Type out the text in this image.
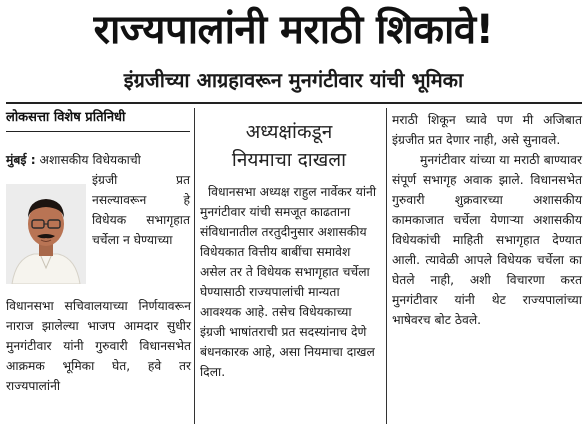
राज्यपालांनी मराठी शिकावे!
इंग्रजीच्या आग्रहावरून मुनगंटीवार यांची भूमिका
लोकसत्ता विशेष प्रतिनिधी
मुंबई : अशासकीय विधेयकाची
इंग्रजी प्रत नसल्यावरून हे विधेयक सभागृहात चर्चेला न घेण्याच्या
विधानसभा सचिवालयाच्या निर्णयावरून नाराज झालेल्या भाजप आमदार सुधीर मुनगंटीवार यांनी गुरुवारी विधानसभेत आक्रमक भूमिका घेत, हवे तर राज्यपालांनी
अध्यक्षांकडून
नियमाचा दाखला
विधानसभा अध्यक्ष राहुल नार्वेकर यांनी मुनगंटीवार यांची समजूत काढताना संविधानातील तरतुदीनुसार अशासकीय विधेयकात वित्तीय बाबींचा समावेश असेल तर ते विधेयक सभागृहात चर्चेला घेण्यासाठी राज्यपालांची मान्यता आवश्यक आहे. तसेच विधेयकाच्या इंग्रजी भाषांतराची प्रत सदस्यांनाच देणे बंधनकारक आहे, असा नियमाचा दाखल दिला.

मराठी शिकून घ्यावे पण मी अजिबात इंग्रजीत प्रत देणार नाही, असे सुनावले.

मुनगंटीवार यांच्या या मराठी बाण्यावर संपूर्ण सभागृह अवाक झाले. विधानसभेत गुरुवारी शुक्रवारच्या अशासकीय कामकाजात चर्चेला येणाऱ्या अशासकीय विधेयकांची माहिती सभागृहात देण्यात आली. त्यावेळी आपले विधेयक चर्चेला का घेतले नाही, अशी विचारणा करत मुनगंटीवार यांनी थेट राज्यपालांच्या भाषेवरच बोट ठेवले.
